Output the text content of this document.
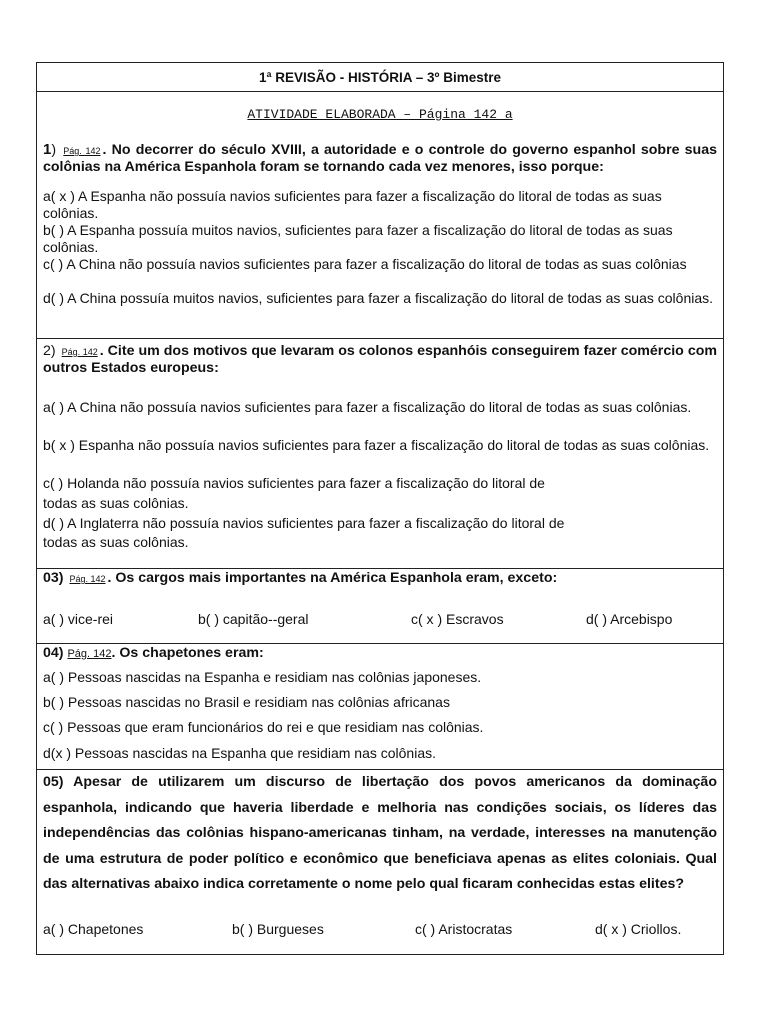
1ª REVISÃO - HISTÓRIA – 3º Bimestre
ATIVIDADE ELABORADA – Página 142 a
1) Pág. 142 . No decorrer do século XVIII, a autoridade e o controle do governo espanhol sobre suas colônias na América Espanhola foram se tornando cada vez menores, isso porque:
a( x ) A Espanha não possuía navios suficientes para fazer a fiscalização do litoral de todas as suas colônias.
b( ) A Espanha possuía muitos navios, suficientes para fazer a fiscalização do litoral de todas as suas colônias.
c( ) A China não possuía navios suficientes para fazer a fiscalização do litoral de todas as suas colônias
d( ) A China possuía muitos navios, suficientes para fazer a fiscalização do litoral de todas as suas colônias.
2) Pág. 142 . Cite um dos motivos que levaram os colonos espanhóis conseguirem fazer comércio com outros Estados europeus:
a( ) A China não possuía navios suficientes para fazer a fiscalização do litoral de todas as suas colônias.
b( x ) Espanha não possuía navios suficientes para fazer a fiscalização do litoral de todas as suas colônias.
c( ) Holanda não possuía navios suficientes para fazer a fiscalização do litoral de
todas as suas colônias.
d( ) A Inglaterra não possuía navios suficientes para fazer a fiscalização do litoral de
todas as suas colônias.
03) Pág. 142 . Os cargos mais importantes na América Espanhola eram, exceto:
a( ) vice-rei	b( ) capitão--geral	c( x ) Escravos	d( ) Arcebispo
04) Pág. 142. Os chapetones eram:
a( ) Pessoas nascidas na Espanha e residiam nas colônias japoneses.
b( ) Pessoas nascidas no Brasil e residiam nas colônias africanas
c( ) Pessoas que eram funcionários do rei e que residiam nas colônias.
d(x ) Pessoas nascidas na Espanha que residiam nas colônias.
05) Apesar de utilizarem um discurso de libertação dos povos americanos da dominação espanhola, indicando que haveria liberdade e melhoria nas condições sociais, os líderes das independências das colônias hispano-americanas tinham, na verdade, interesses na manutenção de uma estrutura de poder político e econômico que beneficiava apenas as elites coloniais. Qual das alternativas abaixo indica corretamente o nome pelo qual ficaram conhecidas estas elites?
a( ) Chapetones	b( ) Burgueses	c( ) Aristocratas	d( x ) Criollos.
